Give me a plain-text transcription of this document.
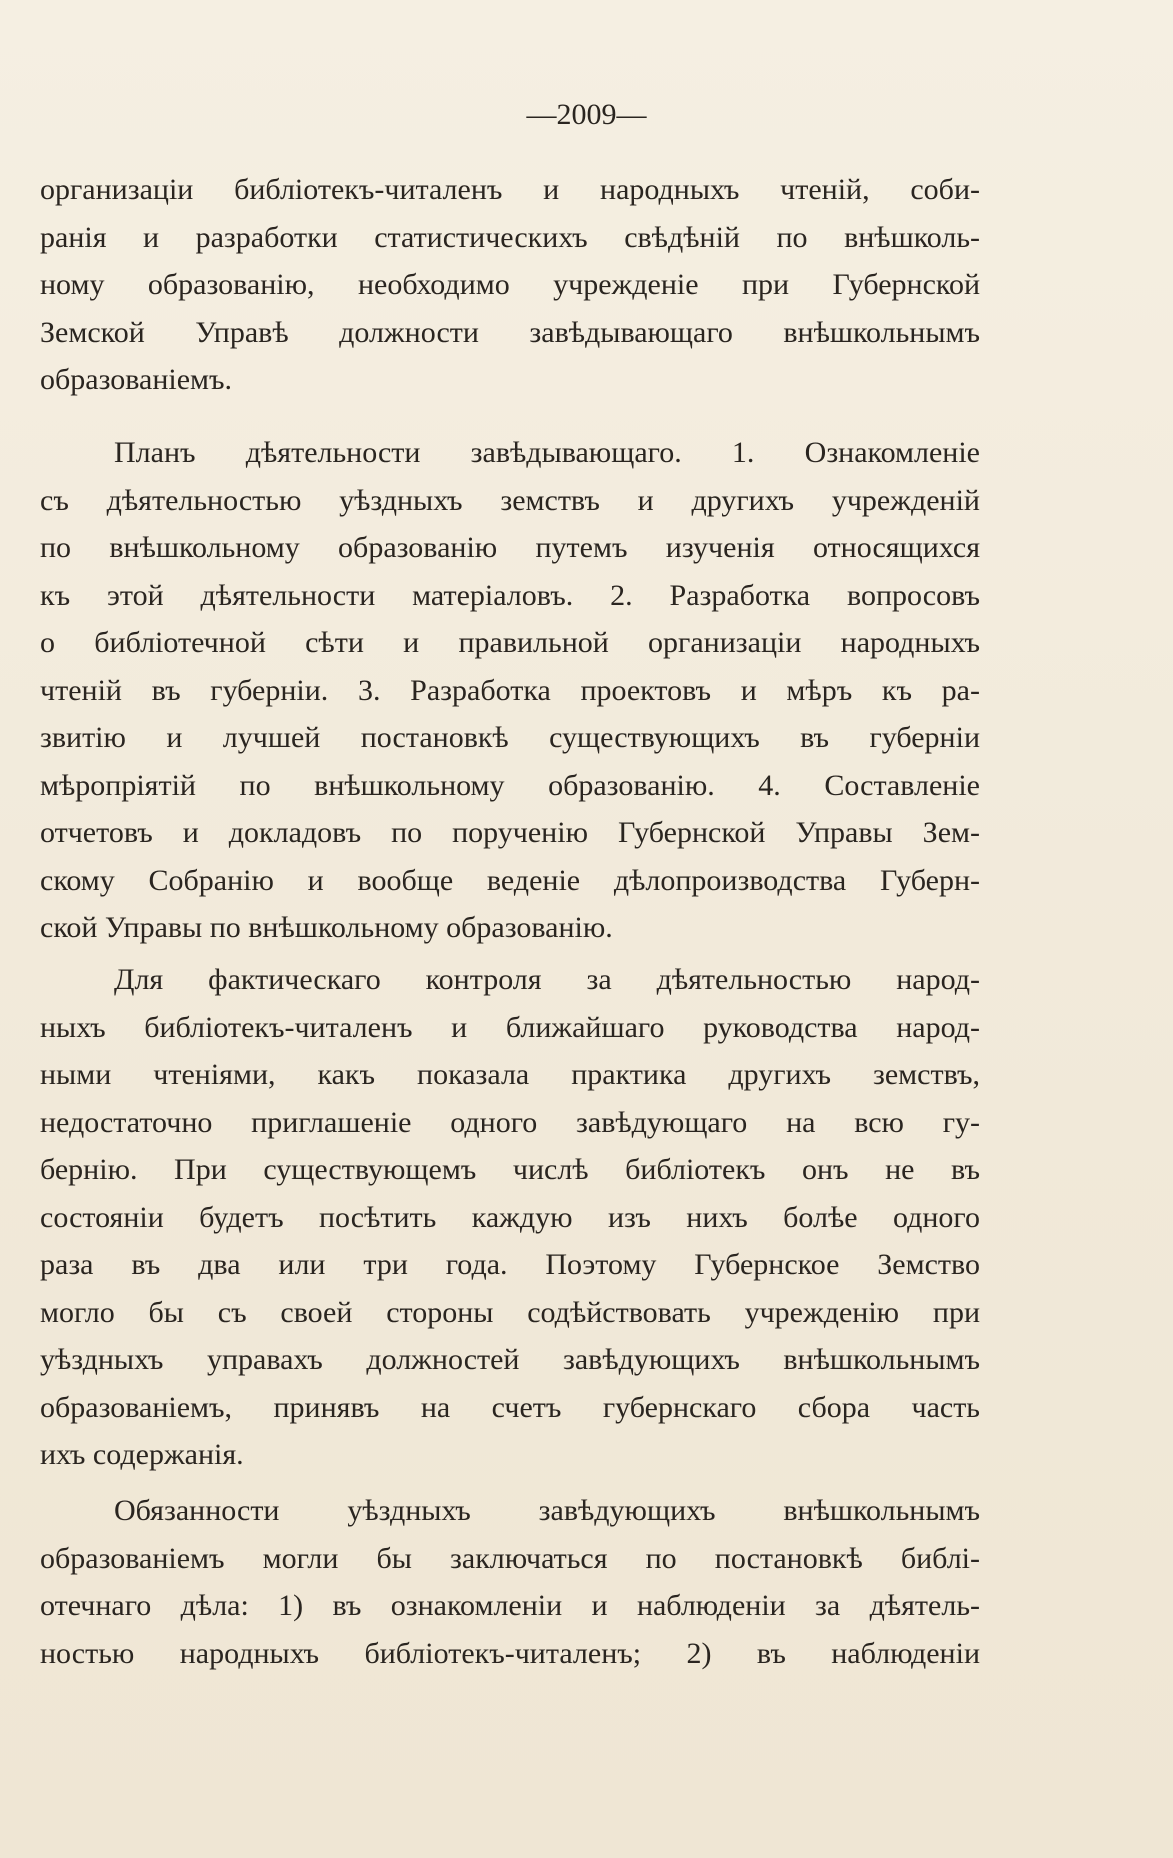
—2009—
организаціи библіотекъ-читаленъ и народныхъ чтеній, соби-
ранія и разработки статистическихъ свѣдѣній по внѣшколь-
ному образованію, необходимо учрежденіе при Губернской
Земской Управѣ должности завѣдывающаго внѣшкольнымъ
образованіемъ.
Планъ дѣятельности завѣдывающаго. 1. Ознакомленіе
съ дѣятельностью уѣздныхъ земствъ и другихъ учрежденій
по внѣшкольному образованію путемъ изученія относящихся
къ этой дѣятельности матеріаловъ. 2. Разработка вопросовъ
о библіотечной сѣти и правильной организаціи народныхъ
чтеній въ губерніи. 3. Разработка проектовъ и мѣръ къ ра-
звитію и лучшей постановкѣ существующихъ въ губерніи
мѣропріятій по внѣшкольному образованію. 4. Составленіе
отчетовъ и докладовъ по порученію Губернской Управы Зем-
скому Собранію и вообще веденіе дѣлопроизводства Губерн-
ской Управы по внѣшкольному образованію.
Для фактическаго контроля за дѣятельностью народ-
ныхъ библіотекъ-читаленъ и ближайшаго руководства народ-
ными чтеніями, какъ показала практика другихъ земствъ,
недостаточно приглашеніе одного завѣдующаго на всю гу-
бернію. При существующемъ числѣ библіотекъ онъ не въ
состояніи будетъ посѣтить каждую изъ нихъ болѣе одного
раза въ два или три года. Поэтому Губернское Земство
могло бы съ своей стороны содѣйствовать учрежденію при
уѣздныхъ управахъ должностей завѣдующихъ внѣшкольнымъ
образованіемъ, принявъ на счетъ губернскаго сбора часть
ихъ содержанія.
Обязанности уѣздныхъ завѣдующихъ внѣшкольнымъ
образованіемъ могли бы заключаться по постановкѣ библі-
отечнаго дѣла: 1) въ ознакомленіи и наблюденіи за дѣятель-
ностью народныхъ библіотекъ-читаленъ; 2) въ наблюденіи
